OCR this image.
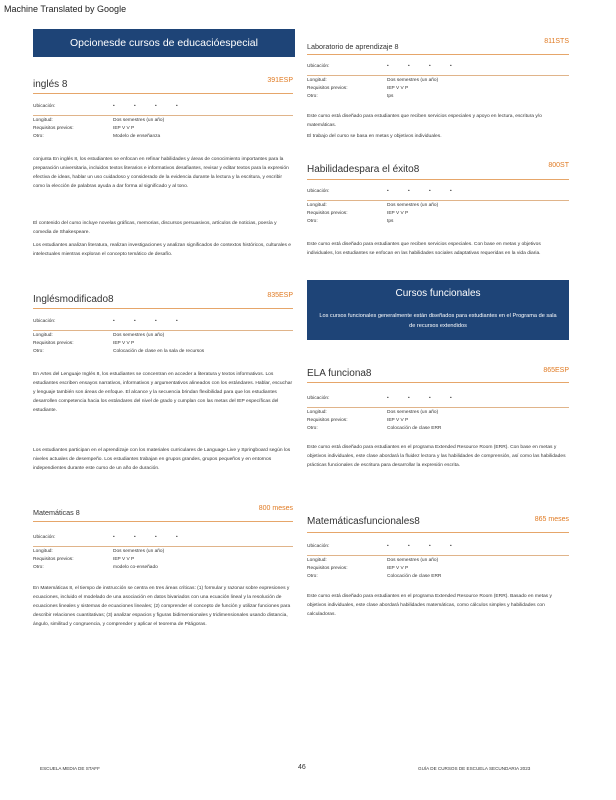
Machine Translated by Google
Opcionesde cursos de educacióespecial
inglés 8	391ESP
Ubicación:	• • • •
Longitud:	Dos semestres (un año)
Requisitos previos:	IEP V V P
Otro:	Modelo de enseñanza
conjunta En inglés 8, los estudiantes se enfocan en refinar habilidades y áreas de conocimiento importantes para la preparación universitaria, incluidos textos literarios e informativos desafiantes, revisar y editar textos para la expresión efectiva de ideas, hablar un uso cuidadoso y considerado de la evidencia durante la lectura y la escritura, y escribir como la elección de palabras ayuda a dar forma al significado y al tono.
El contenido del curso incluye novelas gráficas, memorias, discursos persuasivos, artículos de noticias, poesía y comedia de Shakespeare.
Los estudiantes analizan literatura, realizan investigaciones y analizan significados de contextos históricos, culturales e intelectuales mientras exploran el concepto temático de desafío.
Inglésmodificado8	835ESP
Ubicación:	• • • •
Longitud:	Dos semestres (un año)
Requisitos previos:	IEP V V P
Otro:	Colocación de clase en la sala de recursos
En Artes del Lenguaje Inglés 8, los estudiantes se concentran en acceder a literatura y textos informativos. Los estudiantes escriben ensayos narrativos, informativos y argumentativos alineados con los estándares. Hablar, escuchar y lenguaje también son áreas de enfoque. El alcance y la secuencia brindan flexibilidad para que los estudiantes desarrollen competencia hacia los estándares del nivel de grado y cumplan con las metas del IEP específicas del estudiante.
Los estudiantes participan en el aprendizaje con los materiales curriculares de Language Live y Springboard según los niveles actuales de desempeño. Los estudiantes trabajan en grupos grandes, grupos pequeños y en entornos independientes durante este curso de un año de duración.
Matemáticas 8	800 meses
Ubicación:	• • • •
Longitud:	Dos semestres (un año)
Requisitos previos:	IEP V V P
Otro:	modelo co-enseñado
En Matemáticas 8, el tiempo de instrucción se centra en tres áreas críticas: (1) formular y razonar sobre expresiones y ecuaciones, incluido el modelado de una asociación en datos bivariados con una ecuación lineal y la resolución de ecuaciones lineales y sistemas de ecuaciones lineales; (2) comprender el concepto de función y utilizar funciones para describir relaciones cuantitativas; (3) analizar espacios y figuras bidimensionales y tridimensionales usando distancia, ángulo, similitud y congruencia, y comprender y aplicar el teorema de Pitágoras.
Laboratorio de aprendizaje 8
811STS
Ubicación:	• • • •
Longitud:	Dos semestres (un año)
Requisitos previos:	IEP V V P
Otro:	tps
Este curso está diseñado para estudiantes que reciben servicios especiales y apoyo en lectura, escritura y/o matemáticas.
El trabajo del curso se basa en metas y objetivos individuales.
Habilidadespara el éxito8	800ST
Ubicación:	• • • •
Longitud:	Dos semestres (un año)
Requisitos previos:	IEP V V P
Otro:	tps
Este curso está diseñado para estudiantes que reciben servicios especiales. Con base en metas y objetivos individuales, los estudiantes se enfocan en las habilidades sociales adaptativas requeridas en la vida diaria.
ELA funciona8	865ESP
Ubicación:	• • • •
Longitud:	Dos semestres (un año)
Requisitos previos:	IEP V V P
Otro:	Colocación de clase ERR
Este curso está diseñado para estudiantes en el programa Extended Resource Room (ERR). Con base en metas y objetivos individuales, este clase abordará la fluidez lectora y las habilidades de comprensión, así como las habilidades prácticas funcionales de escritura para desarrollar la expresión escrita.
Matemáticasfuncionales8	865 meses
Ubicación:	• • • •
Longitud:	Dos semestres (un año)
Requisitos previos:	IEP V V P
Otro:	Colocación de clase ERR
Este curso está diseñado para estudiantes en el programa Extended Resource Room (ERR). Basado en metas y objetivos individuales, este clase abordará habilidades matemáticas, como cálculos simples y habilidades con calculadoras.
Cursos funcionales
Los cursos funcionales generalmente están diseñados para estudiantes en el Programa de sala de recursos extendidos
ESCUELA MEDIA DE STAFF	46	GUÍA DE CURSOS DE ESCUELA SECUNDARIA 2023
